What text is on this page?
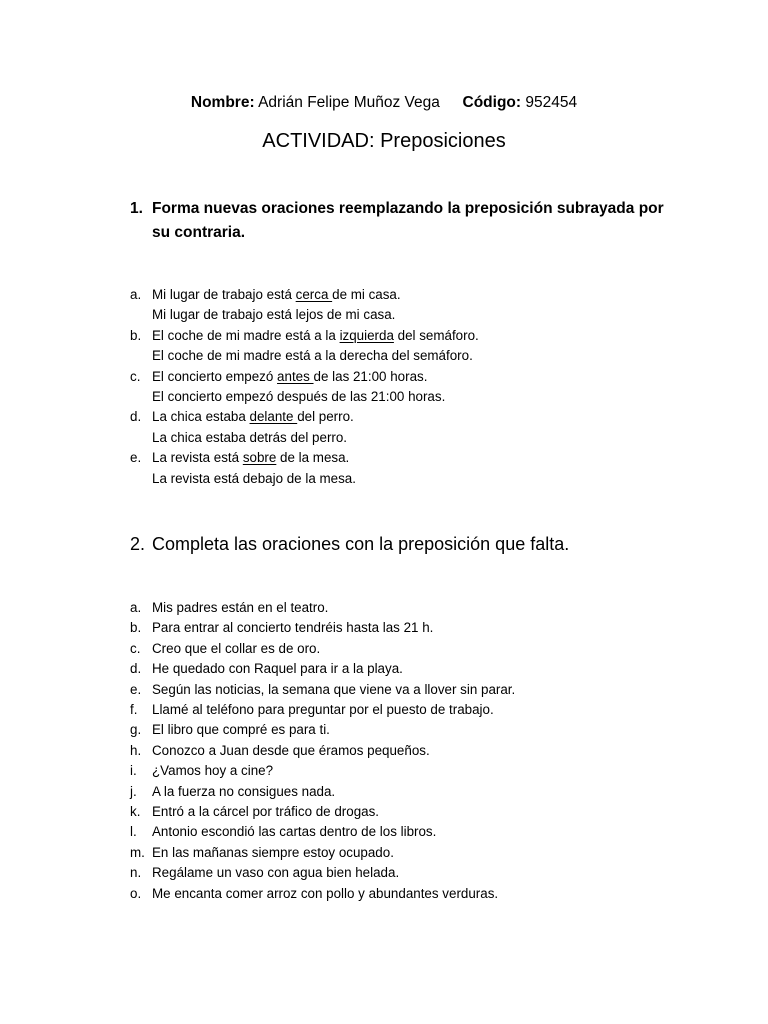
Nombre: Adrián Felipe Muñoz Vega Código: 952454
ACTIVIDAD: Preposiciones
1. Forma nuevas oraciones reemplazando la preposición subrayada por su contraria.
a. Mi lugar de trabajo está cerca de mi casa.
Mi lugar de trabajo está lejos de mi casa.
b. El coche de mi madre está a la izquierda del semáforo.
El coche de mi madre está a la derecha del semáforo.
c. El concierto empezó antes de las 21:00 horas.
El concierto empezó después de las 21:00 horas.
d. La chica estaba delante del perro.
La chica estaba detrás del perro.
e. La revista está sobre de la mesa.
La revista está debajo de la mesa.
2. Completa las oraciones con la preposición que falta.
a. Mis padres están en el teatro.
b. Para entrar al concierto tendréis hasta las 21 h.
c. Creo que el collar es de oro.
d. He quedado con Raquel para ir a la playa.
e. Según las noticias, la semana que viene va a llover sin parar.
f. Llamé al teléfono para preguntar por el puesto de trabajo.
g. El libro que compré es para ti.
h. Conozco a Juan desde que éramos pequeños.
i. ¿Vamos hoy a cine?
j. A la fuerza no consigues nada.
k. Entró a la cárcel por tráfico de drogas.
l. Antonio escondió las cartas dentro de los libros.
m. En las mañanas siempre estoy ocupado.
n. Regálame un vaso con agua bien helada.
o. Me encanta comer arroz con pollo y abundantes verduras.
